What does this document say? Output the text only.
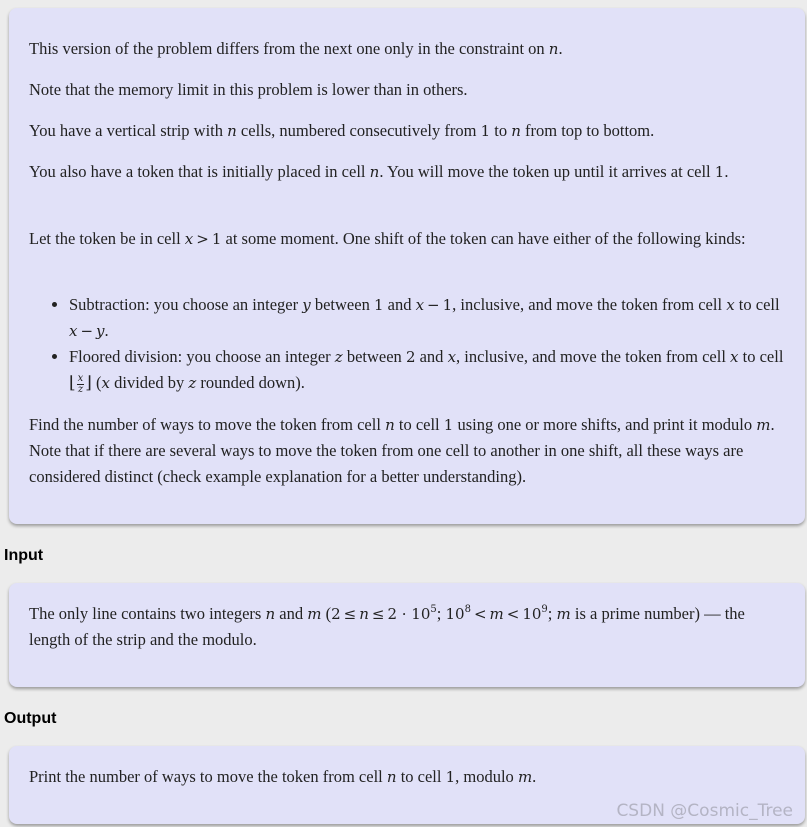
This version of the problem differs from the next one only in the constraint on n.

Note that the memory limit in this problem is lower than in others.

You have a vertical strip with n cells, numbered consecutively from 1 to n from top to bottom.

You also have a token that is initially placed in cell n. You will move the token up until it arrives at cell 1.

Let the token be in cell x > 1 at some moment. One shift of the token can have either of the following kinds:

• Subtraction: you choose an integer y between 1 and x − 1, inclusive, and move the token from cell x to cell x − y.
• Floored division: you choose an integer z between 2 and x, inclusive, and move the token from cell x to cell ⌊ $\frac{x}{z}$ ⌋ (x divided by z rounded down).

Find the number of ways to move the token from cell n to cell 1 using one or more shifts, and print it modulo m. Note that if there are several ways to move the token from one cell to another in one shift, all these ways are considered distinct (check example explanation for a better understanding).

Input

The only line contains two integers n and m ($2 \le n \le 2 \cdot 10^5$; $10^8 < m < 10^9$; m is a prime number) — the length of the strip and the modulo.

Output

Print the number of ways to move the token from cell n to cell 1, modulo m.

CSDN @Cosmic_Tree
